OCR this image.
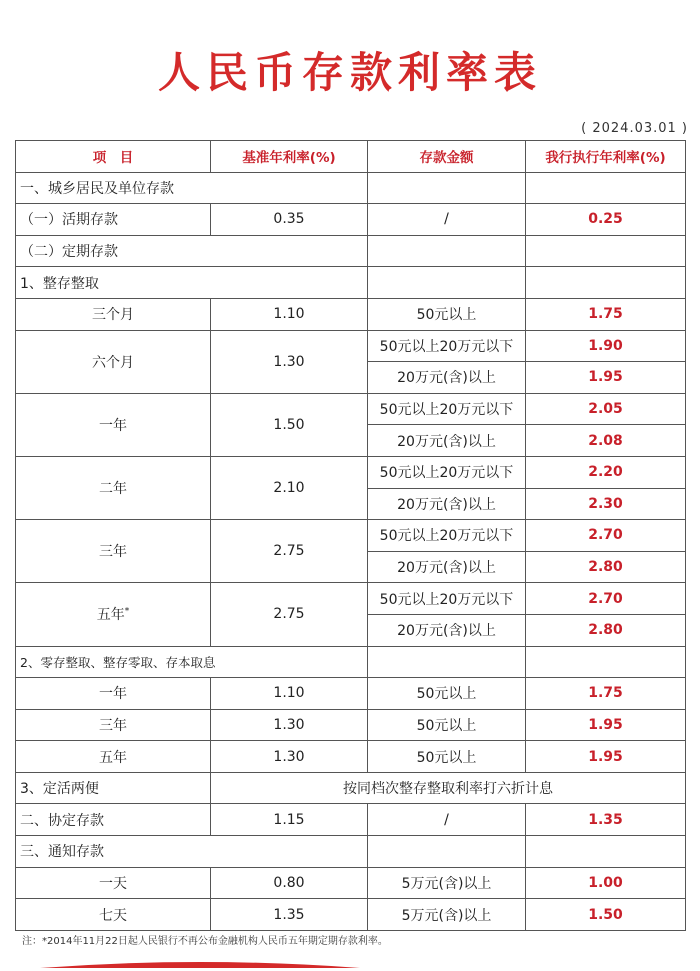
人民币存款利率表
( 2024.03.01 )
项　目	基准年利率(%)	存款金额	我行执行年利率(%)
一、城乡居民及单位存款			
（一）活期存款	0.35	/	0.25
（二）定期存款			
1、整存整取			
三个月	1.10	50元以上	1.75
六个月	1.30	50元以上20万元以下	1.90
		20万元(含)以上	1.95
一年	1.50	50元以上20万元以下	2.05
		20万元(含)以上	2.08
二年	2.10	50元以上20万元以下	2.20
		20万元(含)以上	2.30
三年	2.75	50元以上20万元以下	2.70
		20万元(含)以上	2.80
五年*	2.75	50元以上20万元以下	2.70
		20万元(含)以上	2.80
2、零存整取、整存零取、存本取息			
一年	1.10	50元以上	1.75
三年	1.30	50元以上	1.95
五年	1.30	50元以上	1.95
3、定活两便	按同档次整存整取利率打六折计息		
二、协定存款	1.15	/	1.35
三、通知存款			
一天	0.80	5万元(含)以上	1.00
七天	1.35	5万元(含)以上	1.50
注：*2014年11月22日起人民银行不再公布金融机构人民币五年期定期存款利率。
